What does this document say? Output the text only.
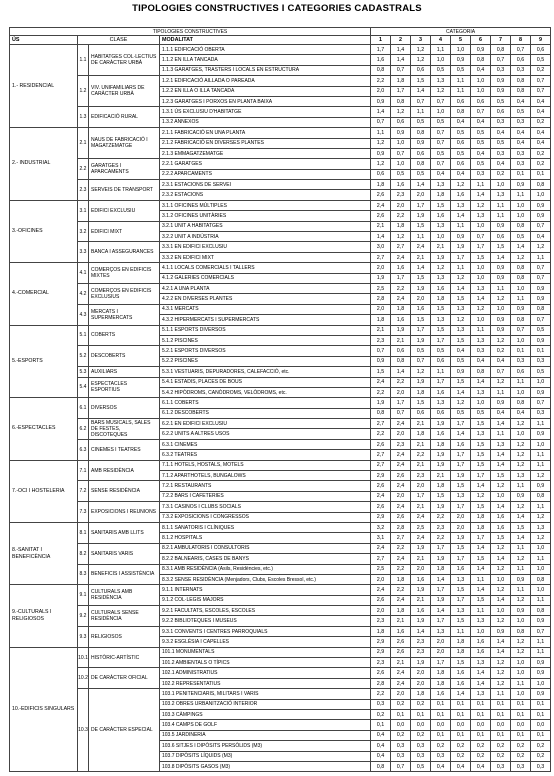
TIPOLOGIES CONSTRUCTIVES I CATEGORIES CADASTRALS
TIPOLOGIES CONSTRUCTIVES				CATEGORIA								
ÚS	CLASE		MODALITAT	1	2	3	4	5	6	7	8	9
1.- RESIDENCIAL	1.1	HABITATGES COL·LECTIUS DE CARÀCTER URBÀ	1.1.1 EDIFICACIÓ OBERTA	1,7	1,4	1,2	1,1	1,0	0,9	0,8	0,7	0,6
			1.1.2 EN ILLA TANCADA	1,6	1,4	1,2	1,0	0,9	0,8	0,7	0,6	0,5
			1.1.3 GARATGES, TRASTERS I LOCALS EN ESTRUCTURA	0,8	0,7	0,6	0,5	0,5	0,4	0,3	0,3	0,2
	1.2	VIV. UNIFAMILIARS DE CARÀCTER URBÀ	1.2.1 EDIFICACIÓ AILLADA O PAREADA	2,2	1,8	1,5	1,3	1,1	1,0	0,9	0,8	0,7
			1.2.2 EN ILLA O ILLA TANCADA	2,0	1,7	1,4	1,2	1,1	1,0	0,9	0,8	0,7
			1.2.3 GARATGES I PORXOS EN PLANTA BAIXA	0,9	0,8	0,7	0,7	0,6	0,6	0,5	0,4	0,4
	1.3	EDIFICACIÓ RURAL	1.3.1 ÚS EXCLUSIU D'HABITATGE	1,4	1,2	1,1	1,0	0,8	0,7	0,6	0,5	0,4
			1.3.2 ANNEXOS	0,7	0,6	0,5	0,5	0,4	0,4	0,3	0,3	0,2
2.- INDUSTRIAL	2.1	NAUS DE FABRICACIÓ I MAGATZEMATGE	2.1.1 FABRICACIÓ EN UNA PLANTA	1,1	0,9	0,8	0,7	0,5	0,5	0,4	0,4	0,4
			2.1.2 FABRICACIÓ EN DIVERSES PLANTES	1,2	1,0	0,9	0,7	0,6	0,5	0,5	0,4	0,4
			2.1.3 EMMAGATZEMATGE	0,9	0,7	0,6	0,5	0,5	0,4	0,3	0,3	0,2
	2.2	GARATGES I APARCAMENTS	2.2.1 GARATGES	1,2	1,0	0,8	0,7	0,6	0,5	0,4	0,3	0,2
			2.2.2 APARCAMENTS	0,6	0,5	0,5	0,4	0,4	0,3	0,2	0,1	0,1
	2.3	SERVEIS DE TRANSPORT	2.3.1 ESTACIONS DE SERVEI	1,8	1,6	1,4	1,3	1,2	1,1	1,0	0,9	0,8
			2.3.2 ESTACIONS	2,6	2,3	2,0	1,8	1,6	1,4	1,3	1,1	1,0
3.-OFICINES	3.1	EDIFICI EXCLUSIU	3.1.1 OFICINES MÚLTIPLES	2,4	2,0	1,7	1,5	1,3	1,2	1,1	1,0	0,9
			3.1.2 OFICINES UNITÀRIES	2,6	2,2	1,9	1,6	1,4	1,3	1,1	1,0	0,9
	3.2	EDIFICI MIXT	3.2.1 UNIT A HABITATGES	2,1	1,8	1,5	1,3	1,1	1,0	0,9	0,8	0,7
			3.2.2 UNIT A INDÚSTRIA	1,4	1,2	1,1	1,0	0,9	0,7	0,6	0,5	0,4
	3.3	BANCA I ASSEGURANCES	3.3.1 EN EDIFICI EXCLUSIU	3,0	2,7	2,4	2,1	1,9	1,7	1,5	1,4	1,2
			3.3.2 EN EDIFICI MIXT	2,7	2,4	2,1	1,9	1,7	1,5	1,4	1,2	1,1
4.-COMERCIAL	4.1	COMERÇOS EN EDIFICIS MIXTES	4.1.1 LOCALS COMERCIALS I TALLERS	2,0	1,6	1,4	1,2	1,1	1,0	0,9	0,8	0,7
			4.1.2 GALERIES COMERCIALS	1,9	1,7	1,5	1,3	1,2	1,0	0,9	0,8	0,7
	4.2	COMERÇOS EN EDIFICIS EXCLUSIUS	4.2.1 A UNA PLANTA	2,5	2,2	1,9	1,6	1,4	1,3	1,1	1,0	0,9
			4.2.2 EN DIVERSES PLANTES	2,8	2,4	2,0	1,8	1,5	1,4	1,2	1,1	0,9
	4.3	MERCATS I SUPERMERCATS	4.3.1 MERCATS	2,0	1,8	1,6	1,5	1,3	1,2	1,0	0,9	0,8
			4.3.2 HIPERMERCATS I SUPERMERCATS	1,8	1,6	1,5	1,3	1,2	1,0	0,9	0,8	0,7
5.-ESPORTS	5.1	COBERTS	5.1.1 ESPORTS DIVERSOS	2,1	1,9	1,7	1,5	1,3	1,1	0,9	0,7	0,5
			5.1.2 PISCINES	2,3	2,1	1,9	1,7	1,5	1,3	1,2	1,0	0,9
	5.2	DESCOBERTS	5.2.1 ESPORTS DIVERSOS	0,7	0,6	0,5	0,5	0,4	0,3	0,2	0,1	0,1
			5.2.2 PISCINES	0,9	0,8	0,7	0,6	0,5	0,4	0,4	0,3	0,3
	5.3	AUXILIARS	5.3.1 VESTUARIS, DEPURADORES, CALEFACCIÓ, etc.	1,5	1,4	1,2	1,1	0,9	0,8	0,7	0,6	0,5
	5.4	ESPECTACLES ESPORTIUS	5.4.1 ESTADIS, PLACES DE BOUS	2,4	2,2	1,9	1,7	1,5	1,4	1,2	1,1	1,0
			5.4.2 HIPÒDROMS, CANÒDROMS, VELÒDROMS, etc.	2,2	2,0	1,8	1,6	1,4	1,3	1,1	1,0	0,9
6.-ESPECTACLES	6.1	DIVERSOS	6.1.1 COBERTS	1,9	1,7	1,5	1,3	1,2	1,0	0,9	0,8	0,7
			6.1.2 DESCOBERTS	0,8	0,7	0,6	0,6	0,5	0,5	0,4	0,4	0,3
	6.2	BARS MUSICALS, SALES DE FESTES, DISCOTEQUES	6.2.1 EN EDIFICI EXCLUSIU	2,7	2,4	2,1	1,9	1,7	1,5	1,4	1,2	1,1
			6.2.2 UNITS A ALTRES USOS	2,2	2,0	1,8	1,6	1,4	1,3	1,1	1,0	0,9
	6.3	CINEMES I TEATRES	6.3.1 CINEMES	2,6	2,3	2,1	1,8	1,6	1,5	1,3	1,2	1,0
			6.3.2 TEATRES	2,7	2,4	2,2	1,9	1,7	1,5	1,4	1,2	1,1
7.-OCI I HOSTELERIA	7.1	AMB RESIDÈNCIA	7.1.1 HOTELS, HOSTALS, MOTELS	2,7	2,4	2,1	1,9	1,7	1,5	1,4	1,2	1,1
			7.1.2 APARTHOTELS, BUNGALOWS	2,9	2,6	2,3	2,1	1,9	1,7	1,5	1,3	1,2
	7.2	SENSE RESIDÈNCIA	7.2.1 RESTAURANTS	2,6	2,4	2,0	1,8	1,5	1,4	1,2	1,1	0,9
			7.2.2 BARS I CAFETERIES	2,4	2,0	1,7	1,5	1,3	1,2	1,0	0,9	0,8
	7.3	EXPOSICIONS I REUNIONS	7.3.1 CASINOS I CLUBS SOCIALS	2,6	2,4	2,1	1,9	1,7	1,5	1,4	1,2	1,1
			7.3.2 EXPOSICIONS I CONGRESSOS	2,9	2,6	2,4	2,2	2,0	1,8	1,6	1,4	1,2
8.-SANITAT I BENEFICÈNCIA	8.1	SANITARIS AMB LLITS	8.1.1 SANATORIS I CLÍNIQUES	3,2	2,8	2,5	2,3	2,0	1,8	1,6	1,5	1,3
			8.1.2 HOSPITALS	3,1	2,7	2,4	2,2	1,9	1,7	1,5	1,4	1,2
	8.2	SANITARIS VARIS	8.2.1 AMBULATORIS I CONSULTORIS	2,4	2,2	1,9	1,7	1,5	1,4	1,2	1,1	1,0
			8.2.2 BALNEARIS, CASES DE BANYS	2,7	2,4	2,1	1,9	1,7	1,5	1,4	1,2	1,1
	8.3	BENEFICIS I ASSISTÈNCIA	8.3.1 AMB RESIDÈNCIA (Asils, Residències, etc.)	2,5	2,2	2,0	1,8	1,6	1,4	1,2	1,1	1,0
			8.3.2 SENSE RESIDÈNCIA (Menjadors, Clubs, Escoles Bressol, etc.)	2,0	1,8	1,6	1,4	1,3	1,1	1,0	0,9	0,8
9.-CULTURALS I RELIGIOSOS	9.1	CULTURALS AMB RESIDÈNCIA	9.1.1 INTERNATS	2,4	2,2	1,9	1,7	1,5	1,4	1,2	1,1	1,0
			9.1.2 COL·LEGIS MAJORS	2,6	2,4	2,1	1,9	1,7	1,5	1,4	1,2	1,1
	9.2	CULTURALS SENSE RESIDÈNCIA	9.2.1 FACULTATS, ESCOLES, ESCOLES	2,0	1,8	1,6	1,4	1,3	1,1	1,0	0,9	0,8
			9.2.2 BIBLIOTEQUES I MUSEUS	2,3	2,1	1,9	1,7	1,5	1,3	1,2	1,0	0,9
	9.3	RELIGIOSOS	9.3.1 CONVENTS I CENTRES PARROQUIALS	1,8	1,6	1,4	1,3	1,1	1,0	0,9	0,8	0,7
			9.3.2 ESGLÉSIA I CAPELLES	2,9	2,6	2,3	2,0	1,8	1,6	1,4	1,2	1,1
10.-EDIFICIS SINGULARS	10.1	HISTÒRIC-ARTÍSTIC	101.1 MONUMENTALS	2,9	2,6	2,3	2,0	1,8	1,6	1,4	1,2	1,1
			101.2 AMBIENTALS O TÍPICS	2,3	2,1	1,9	1,7	1,5	1,3	1,2	1,0	0,9
	10.2	DE CARÀCTER OFICIAL	102.1 ADMINISTRATIUS	2,6	2,4	2,0	1,8	1,6	1,4	1,2	1,0	0,9
			102.2 REPRESENTATIUS	2,8	2,4	2,0	1,8	1,6	1,4	1,2	1,1	1,0
	10.3	DE CARÀCTER ESPECIAL	103.1 PENITENCIARIS, MILITARS I VARIS	2,2	2,0	1,8	1,6	1,4	1,3	1,1	1,0	0,9
			103.2 OBRES URBANITZACIÓ INTERIOR	0,3	0,2	0,2	0,1	0,1	0,1	0,1	0,1	0,1
			103.3 CÀMPINGS	0,2	0,1	0,1	0,1	0,1	0,1	0,1	0,1	0,1
			103.4 CAMPS DE GOLF	0,1	0,0	0,0	0,0	0,0	0,0	0,0	0,0	0,0
			103.5 JARDINERIA	0,4	0,2	0,2	0,1	0,1	0,1	0,1	0,1	0,1
			103.6 SITJES I DIPÒSITS PERSÒLIDS (M3)	0,4	0,3	0,3	0,2	0,2	0,2	0,2	0,2	0,2
			103.7 DIPÒSITS LÍQUIDS (M3)	0,4	0,3	0,3	0,3	0,2	0,2	0,2	0,2	0,2
			103.8 DIPÒSITS GASOS (M3)	0,8	0,7	0,5	0,4	0,4	0,4	0,3	0,3	0,3
